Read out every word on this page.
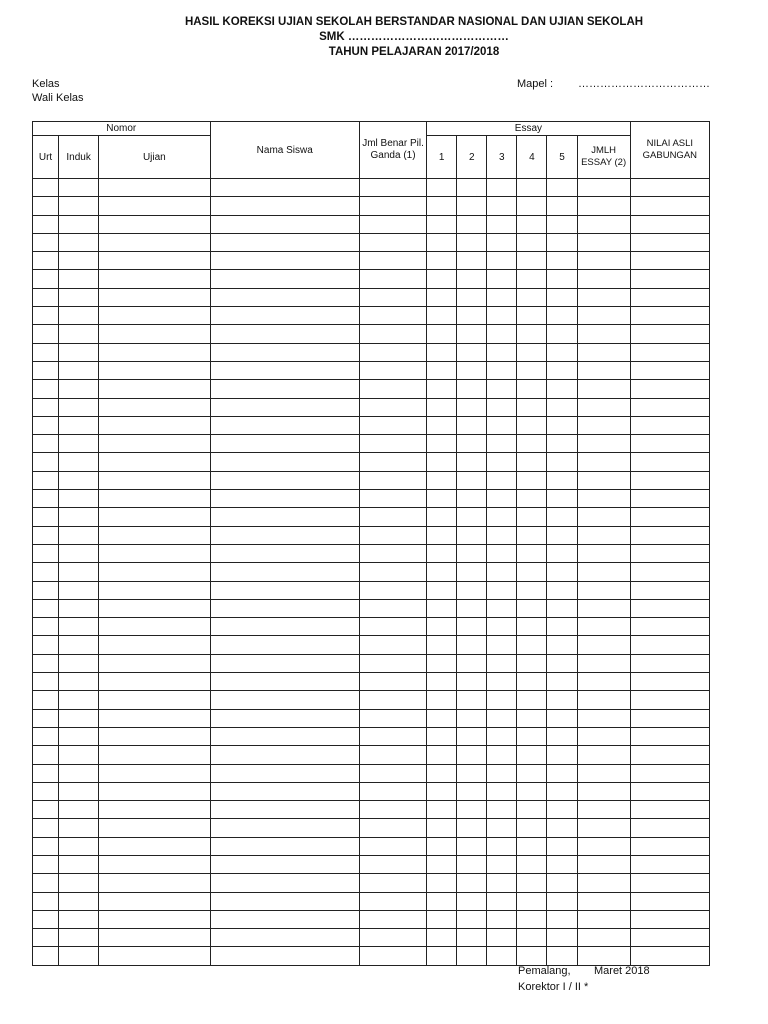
HASIL KOREKSI UJIAN SEKOLAH BERSTANDAR NASIONAL DAN UJIAN SEKOLAH
SMK ……………………………………
TAHUN PELAJARAN 2017/2018
Kelas
Wali Kelas
Mapel : ………………………………
Nomor			Nama Siswa	Jml Benar Pil. Ganda (1)	Essay						NILAI ASLI GABUNGAN
Urt	Induk	Ujian			1	2	3	4	5	JMLH ESSAY (2)	

Pemalang, Maret 2018
Korektor I / II *
